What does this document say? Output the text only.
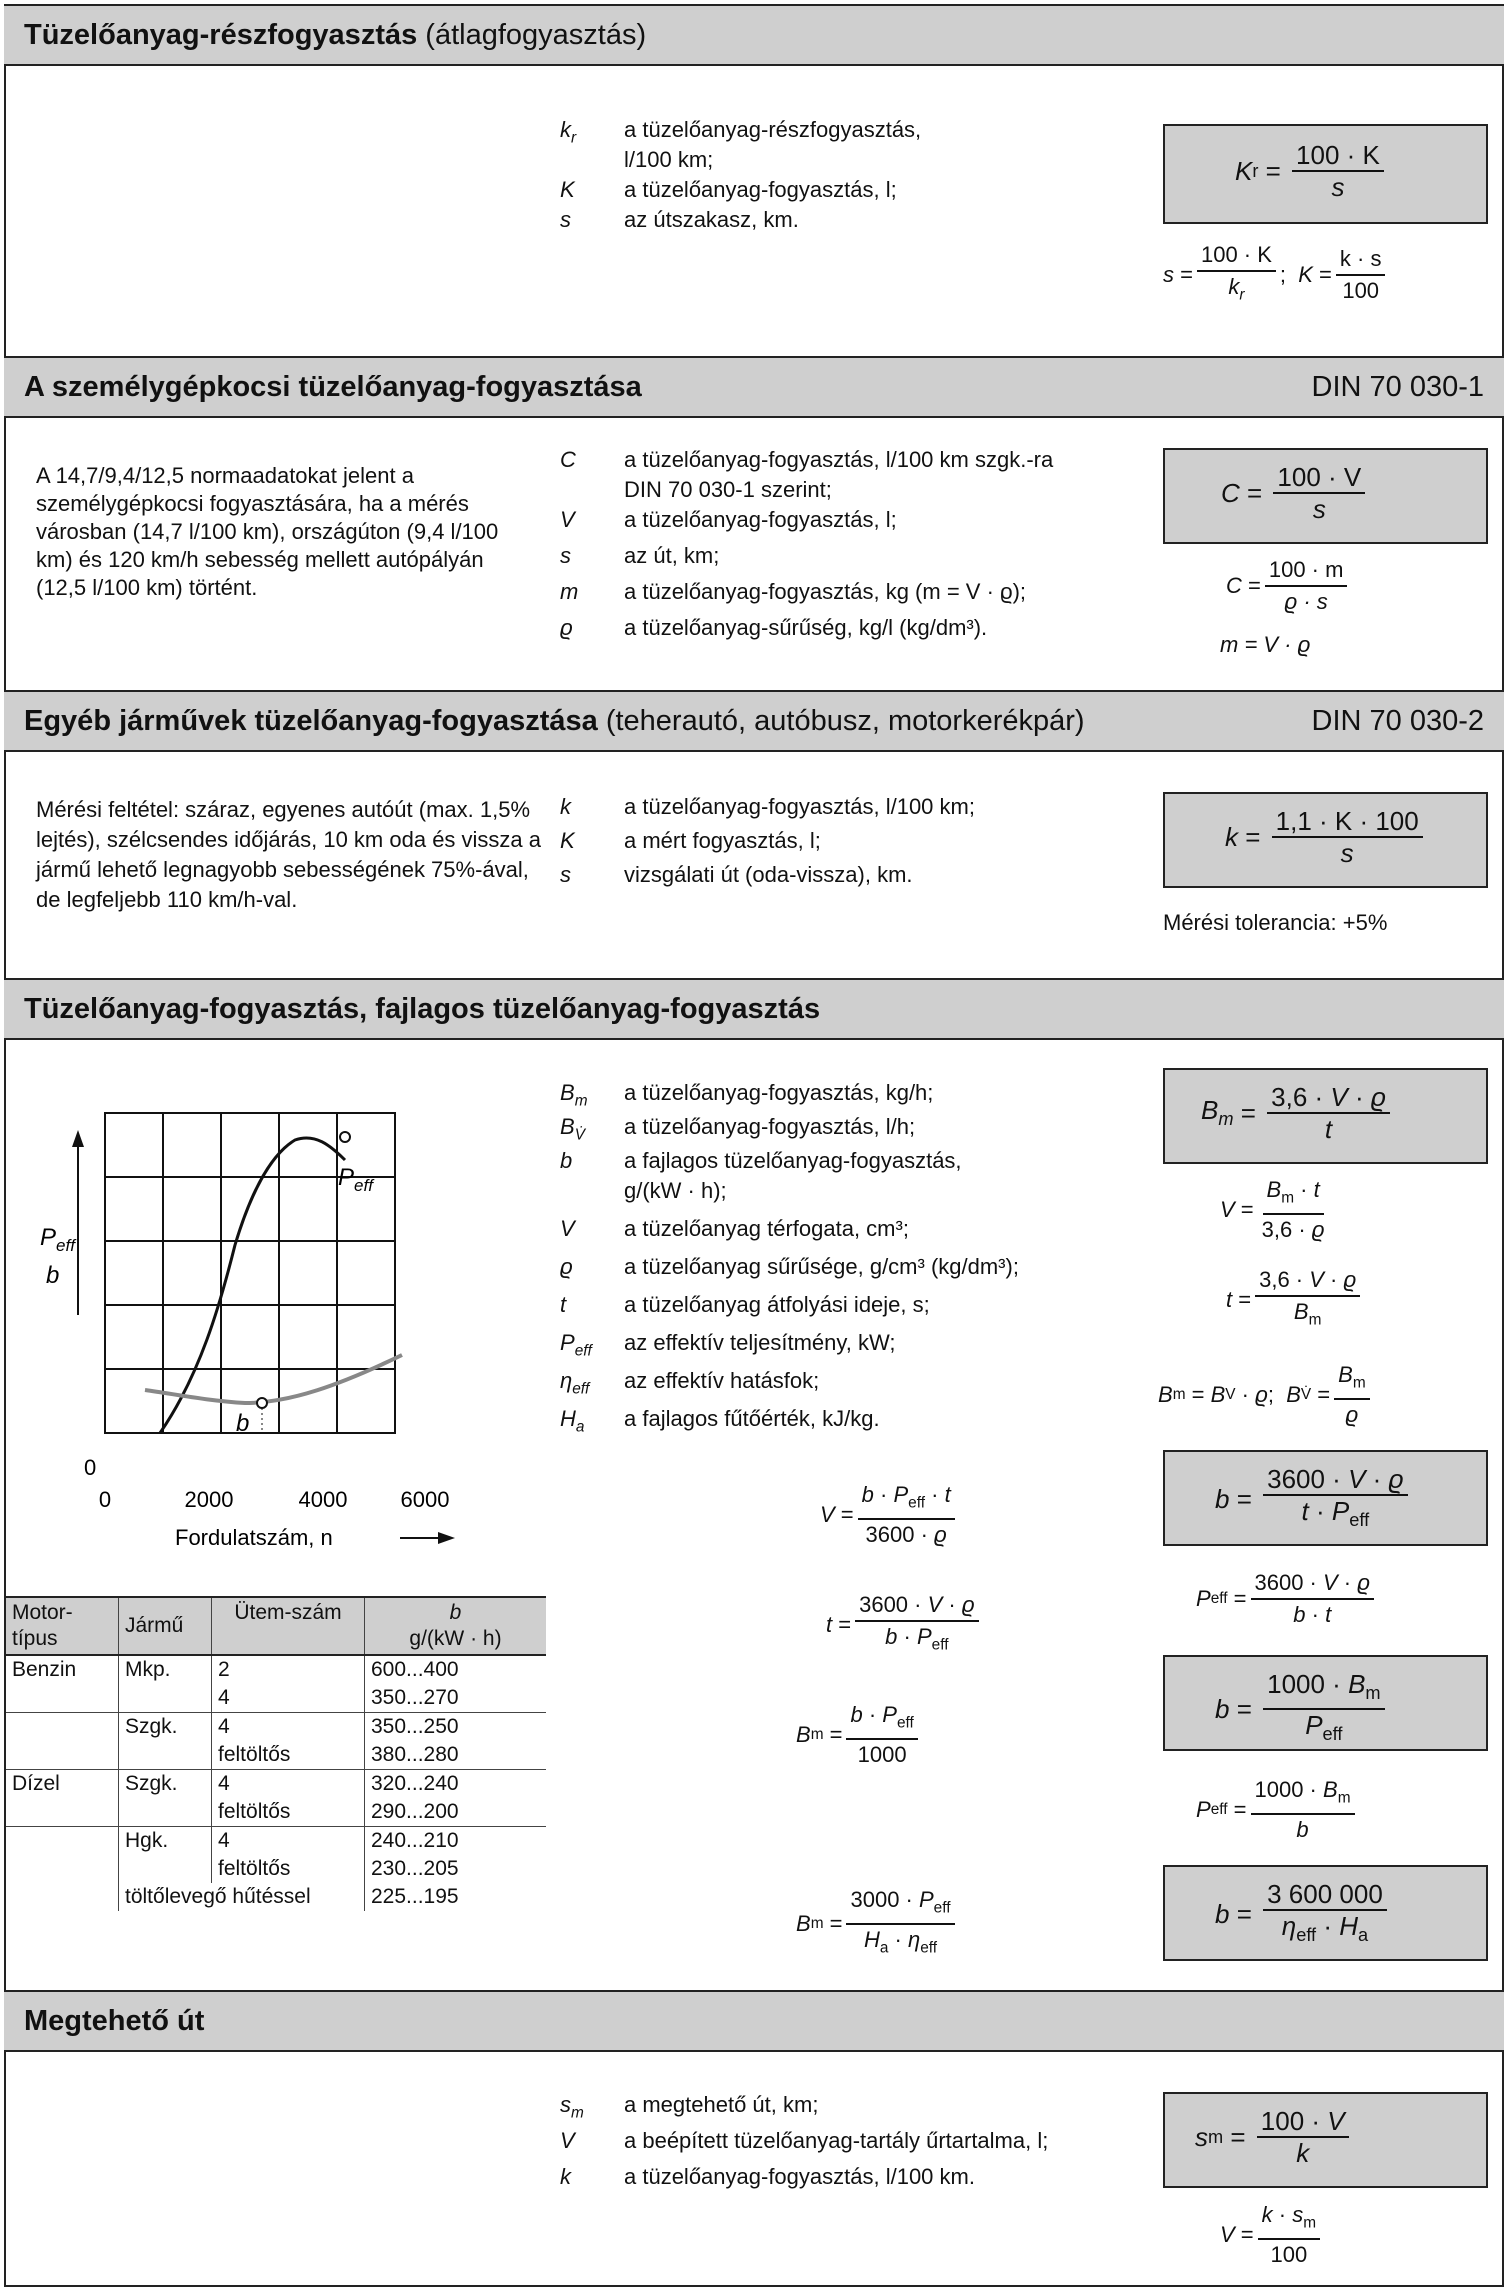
Tüzelőanyag-részfogyasztás
(átlagfogyasztás)
$k_r$ a tüzelőanyag-részfogyasztás,
l/100 km;
K a tüzelőanyag-fogyasztás, l;
s az útszakasz, km.
K $r = \frac{100 \cdot K}{s}$
$s = \frac{100 \cdot K}{k_r}$ ; $K = \frac{k \cdot s}{100}$
A személygépkocsi tüzelőanyag-fogyasztása	DIN 70 030-1
A 14,7/9,4/12,5 normaadatokat jelent a személygépkocsi fogyasztására, ha a mérés városban (14,7 l/100 km), országúton (9,4 l/100 km) és 120 km/h sebesség mellett autópályán (12,5 l/100 km) történt.
C a tüzelőanyag-fogyasztás, l/100 km szgk.-ra
DIN 70 030-1 szerint;
V a tüzelőanyag-fogyasztás, l;
s az út, km;
m a tüzelőanyag-fogyasztás, kg (m = V · ϱ);
ϱ a tüzelőanyag-sűrűség, kg/l (kg/dm³).
$C = \frac{100 \cdot V}{s}$
$C = \frac{100 \cdot m}{ϱ \cdot s}$
m = V · ϱ
Egyéb járművek tüzelőanyag-fogyasztása
(teherautó, autóbusz, motorkerékpár)	DIN 70 030-2
Mérési feltétel: száraz, egyenes autóút (max. 1,5% lejtés), szélcsendes időjárás, 10 km oda és vissza a jármű lehető legnagyobb sebességének 75%-ával, de legfeljebb 110 km/h-val.
k a tüzelőanyag-fogyasztás, l/100 km;
K a mért fogyasztás, l;
s vizsgálati út (oda-vissza), km.
$k = \frac{1,1 \cdot K \cdot 100}{s}$
Mérési tolerancia: +5%
Tüzelőanyag-fogyasztás, fajlagos tüzelőanyag-fogyasztás
$P_{eff}$
b
$P_{eff}$
b
0
0	2000	4000 6000
Fordulatszám, n
Motor-típus	Jármű	Ütem-szám	b
g/(kW · h)
Benzin	Mkp.	2	600...400
		4	350...270
	Szgk.	4	350...250
		feltöltős	380...280
Dízel	Szgk.	4	320...240
		feltöltős	290...200
	Hgk.	4	240...210
		feltöltős	230...205
	töltőlevegő hűtéssel		225...195
$B_m$ a tüzelőanyag-fogyasztás, kg/h;
$B_{V̇}$ a tüzelőanyag-fogyasztás, l/h;
b a fajlagos tüzelőanyag-fogyasztás,
g/(kW · h);
V a tüzelőanyag térfogata, cm³;
ϱ a tüzelőanyag sűrűsége, g/cm³ (kg/dm³);
t	a tüzelőanyag átfolyási ideje, s;
$P_{eff}$ az effektív teljesítmény, kW;
$\eta_{eff}$ az effektív hatásfok;
$H_a$ a fajlagos fűtőérték, kJ/kg.
$B_m = \frac{3,6 \cdot V \cdot ϱ}{t}$
$V = \frac{B_m \cdot t}{3,6 \cdot ϱ}$
$t = \frac{3,6 \cdot V \cdot ϱ}{B_m}$
B m = B V · ϱ ; B V̇ = $\frac{B_m}{ϱ}$
$b = \frac{3600 \cdot V \cdot ϱ}{t \cdot P_{eff}}$
P eff = $\frac{3600 \cdot V \cdot ϱ}{b \cdot t}$
$b = \frac{1000 \cdot B_m}{P_{eff}}$
P eff = $\frac{1000 \cdot B_m}{b}$
$b = \frac{3 600 000}{\eta_{eff} \cdot H_a}$
$V = \frac{b \cdot P_{eff} \cdot t}{3600 \cdot ϱ}$
$t = \frac{3600 \cdot V \cdot ϱ}{b \cdot P_{eff}}$
B $m = \frac{b \cdot P_{eff}}{1000}$
B $m = \frac{3000 \cdot P_{eff}}{H_a \cdot \eta_{eff}}$
Megtehető út
$s_m$ a megtehető út, km;
V a beépített tüzelőanyag-tartály űrtartalma, l;
k a tüzelőanyag-fogyasztás, l/100 km.
s $m = \frac{100 \cdot V}{k}$
$V = \frac{k \cdot s_m}{100}$
